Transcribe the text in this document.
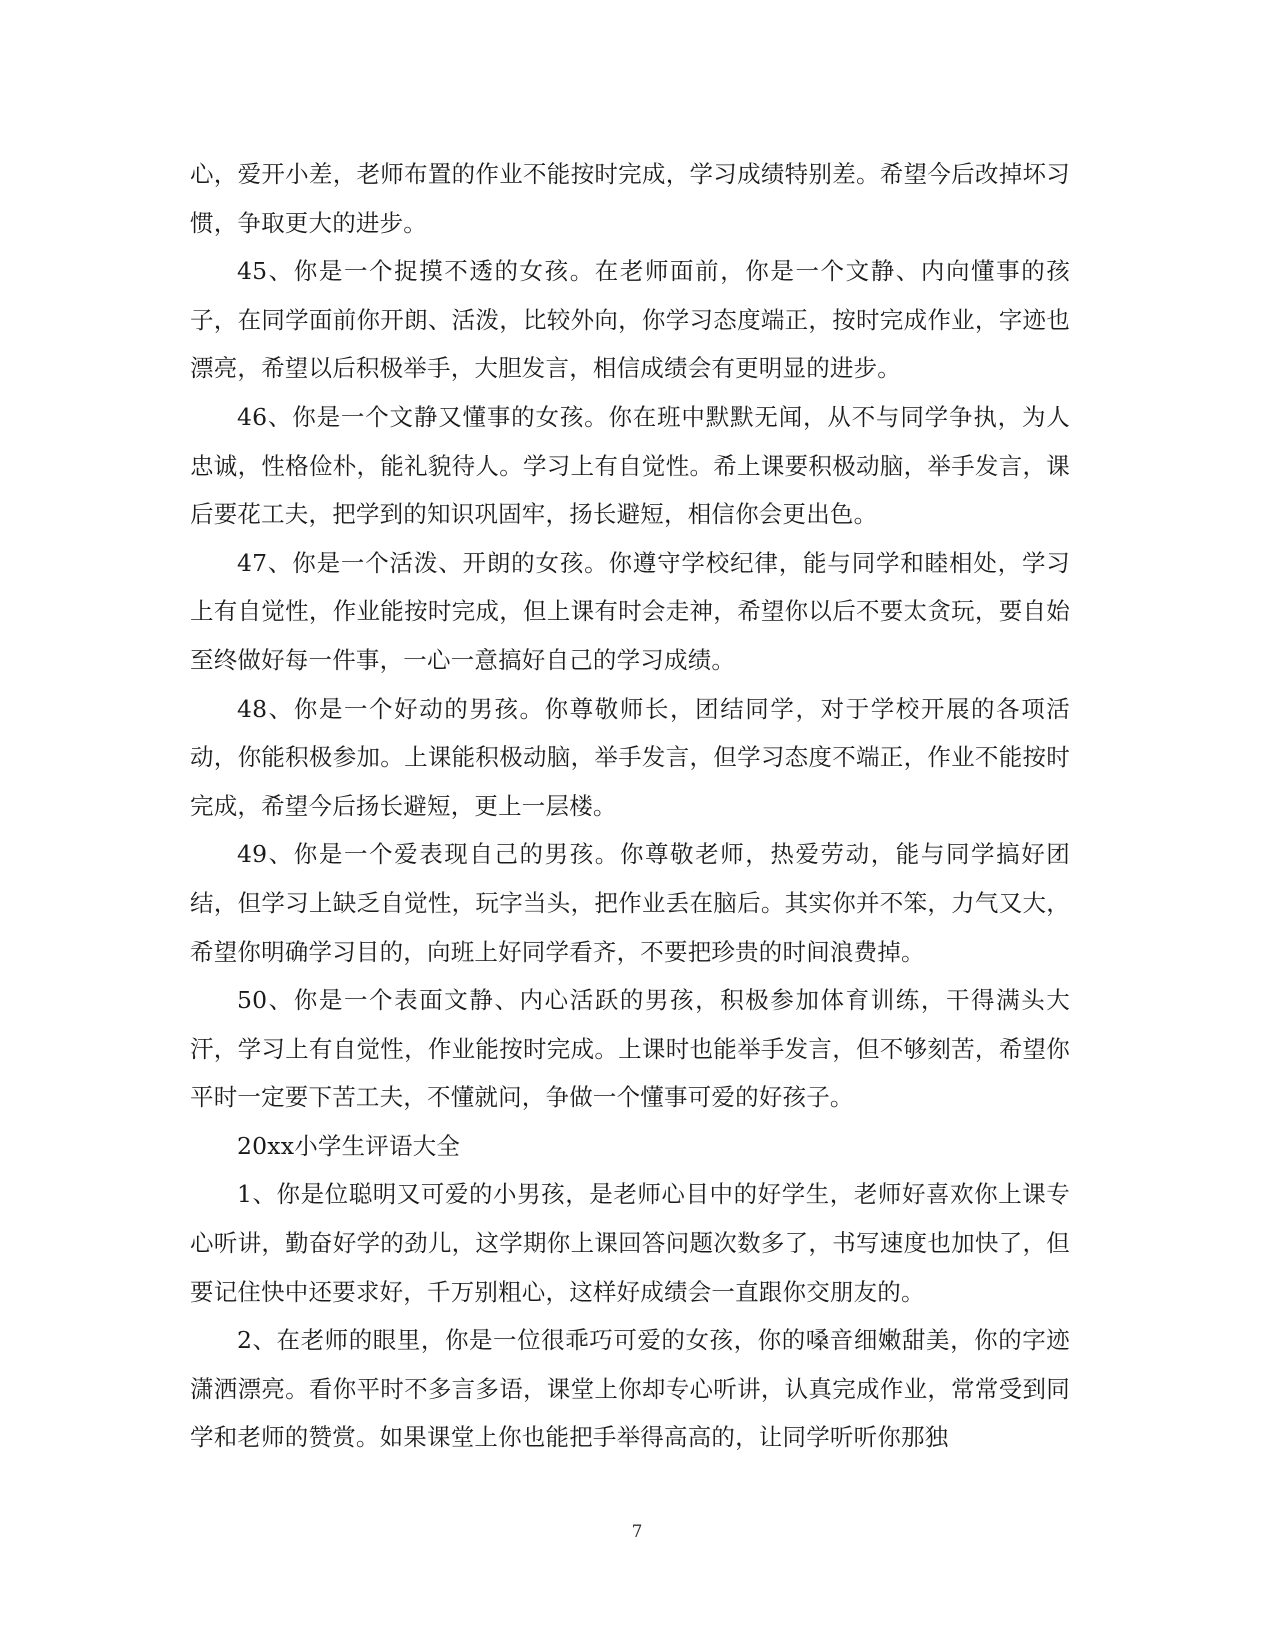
心，爱开小差，老师布置的作业不能按时完成，学习成绩特别差。希望今后改掉坏习惯，争取更大的进步。

45、你是一个捉摸不透的女孩。在老师面前，你是一个文静、内向懂事的孩子，在同学面前你开朗、活泼，比较外向，你学习态度端正，按时完成作业，字迹也漂亮，希望以后积极举手，大胆发言，相信成绩会有更明显的进步。

46、你是一个文静又懂事的女孩。你在班中默默无闻，从不与同学争执，为人忠诚，性格俭朴，能礼貌待人。学习上有自觉性。希上课要积极动脑，举手发言，课后要花工夫，把学到的知识巩固牢，扬长避短，相信你会更出色。

47、你是一个活泼、开朗的女孩。你遵守学校纪律，能与同学和睦相处，学习上有自觉性，作业能按时完成，但上课有时会走神，希望你以后不要太贪玩，要自始至终做好每一件事，一心一意搞好自己的学习成绩。

48、你是一个好动的男孩。你尊敬师长，团结同学，对于学校开展的各项活动，你能积极参加。上课能积极动脑，举手发言，但学习态度不端正，作业不能按时完成，希望今后扬长避短，更上一层楼。

49、你是一个爱表现自己的男孩。你尊敬老师，热爱劳动，能与同学搞好团结，但学习上缺乏自觉性，玩字当头，把作业丢在脑后。其实你并不笨，力气又大，希望你明确学习目的，向班上好同学看齐，不要把珍贵的时间浪费掉。

50、你是一个表面文静、内心活跃的男孩，积极参加体育训练，干得满头大汗，学习上有自觉性，作业能按时完成。上课时也能举手发言，但不够刻苦，希望你平时一定要下苦工夫，不懂就问，争做一个懂事可爱的好孩子。

20xx小学生评语大全

1、你是位聪明又可爱的小男孩，是老师心目中的好学生，老师好喜欢你上课专心听讲，勤奋好学的劲儿，这学期你上课回答问题次数多了，书写速度也加快了，但要记住快中还要求好，千万别粗心，这样好成绩会一直跟你交朋友的。

2、在老师的眼里，你是一位很乖巧可爱的女孩，你的嗓音细嫩甜美，你的字迹潇洒漂亮。看你平时不多言多语，课堂上你却专心听讲，认真完成作业，常常受到同学和老师的赞赏。如果课堂上你也能把手举得高高的，让同学听听你那独

7
